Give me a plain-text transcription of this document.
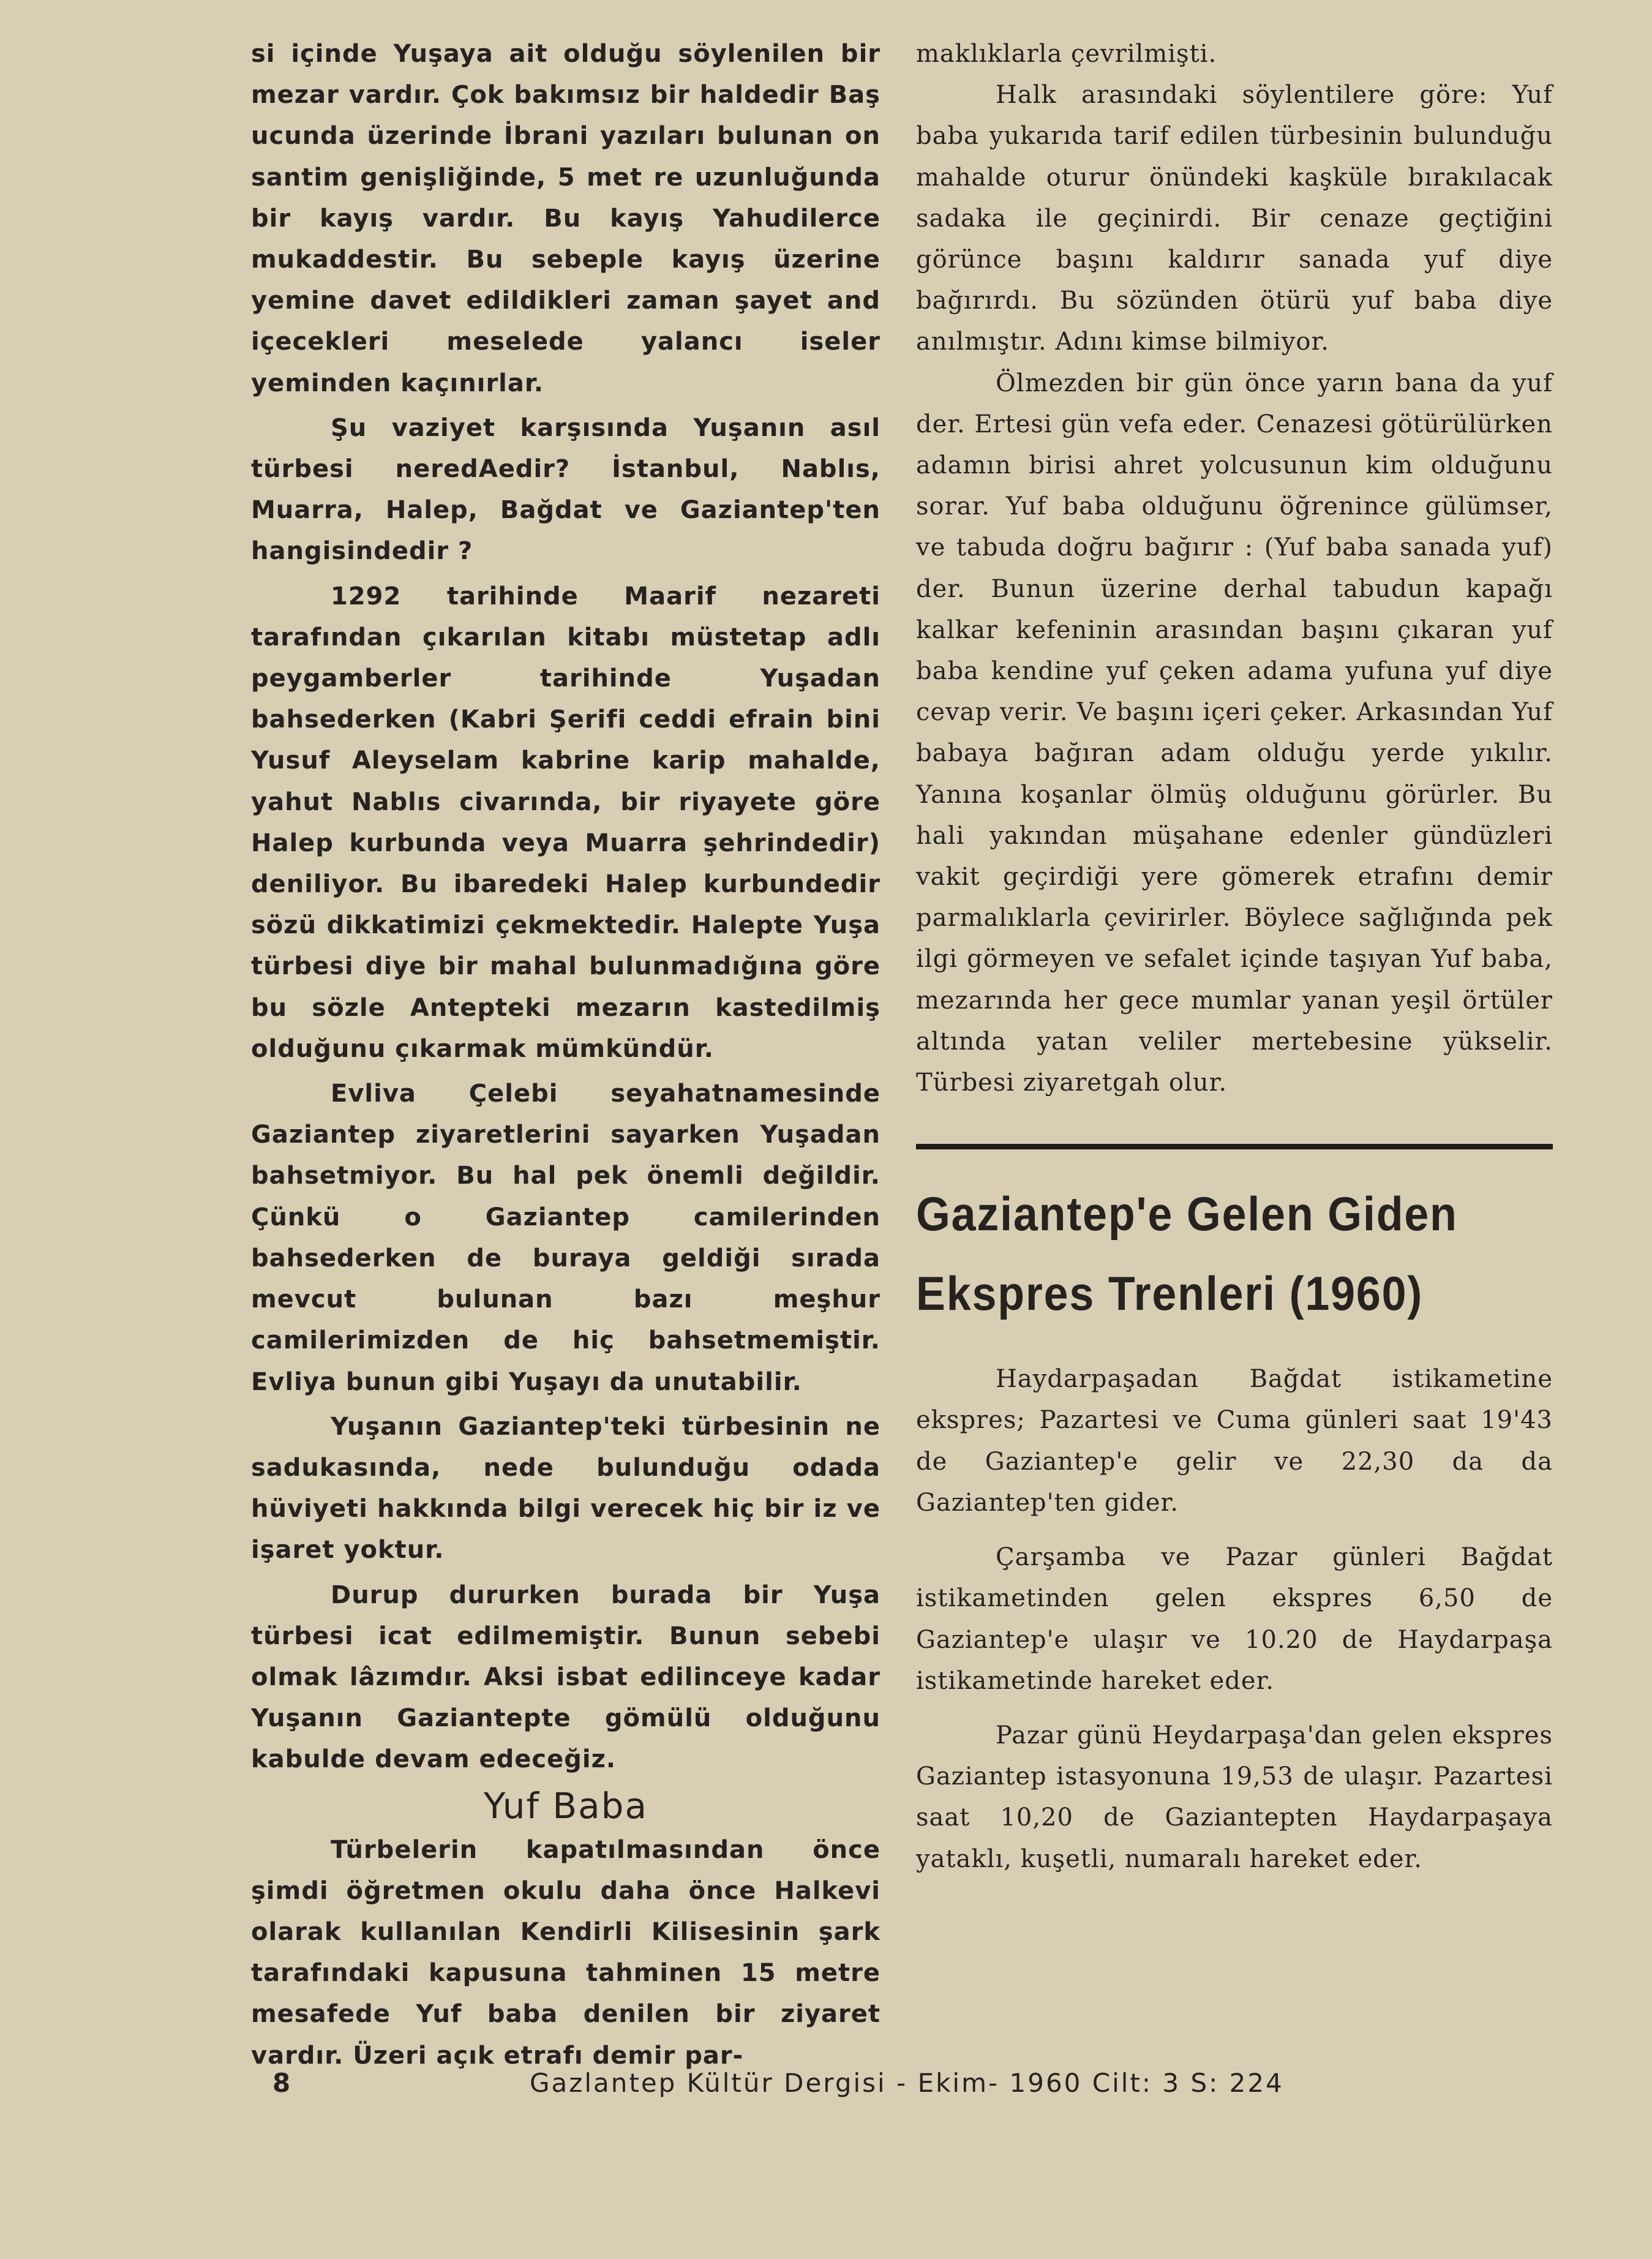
si içinde Yuşaya ait olduğu söylenilen bir mezar vardır. Çok bakımsız bir haldedir Baş ucunda üzerinde İbrani yazıları bulunan on santim genişliğinde, 5 met re uzunluğunda bir kayış vardır. Bu kayış Yahudilerce mukaddestir. Bu sebeple kayış üzerine yemine davet edildikleri zaman şayet and içecekleri meselede yalancı iseler yeminden kaçınırlar.

Şu vaziyet karşısında Yuşanın asıl türbesi neredAedir? İstanbul, Nablıs, Muarra, Halep, Bağdat ve Gaziantep'ten hangisindedir ?

1292 tarihinde Maarif nezareti tarafından çıkarılan kitabı müstetap adlı peygamberler tarihinde Yuşadan bahsederken (Kabri Şerifi ceddi efrain bini Yusuf Aleyselam kabrine karip mahalde, yahut Nablıs civarında, bir riyayete göre Halep kurbunda veya Muarra şehrindedir) deniliyor. Bu ibaredeki Halep kurbundedir sözü dikkatimizi çekmektedir. Halepte Yuşa türbesi diye bir mahal bulunmadığına göre bu sözle Antepteki mezarın kastedilmiş olduğunu çıkarmak mümkündür.

Evliva Çelebi seyahatnamesinde Gaziantep ziyaretlerini sayarken Yuşadan bahsetmiyor. Bu hal pek önemli değildir. Çünkü o Gaziantep camilerinden bahsederken de buraya geldiği sırada mevcut bulunan bazı meşhur camilerimizden de hiç bahsetmemiştir. Evliya bunun gibi Yuşayı da unutabilir.

Yuşanın Gaziantep'teki türbesinin ne sadukasında, nede bulunduğu odada hüviyeti hakkında bilgi verecek hiç bir iz ve işaret yoktur.

Durup dururken burada bir Yuşa türbesi icat edilmemiştir. Bunun sebebi olmak lâzımdır. Aksi isbat edilinceye kadar Yuşanın Gaziantepte gömülü olduğunu kabulde devam edeceğiz.

Yuf Baba

Türbelerin kapatılmasından önce şimdi öğretmen okulu daha önce Halkevi olarak kullanılan Kendirli Kilisesinin şark tarafındaki kapusuna tahminen 15 metre mesafede Yuf baba denilen bir ziyaret vardır. Üzeri açık etrafı demir par-

maklıklarla çevrilmişti.

Halk arasındaki söylentilere göre: Yuf baba yukarıda tarif edilen türbesinin bulunduğu mahalde oturur önündeki kaşküle bırakılacak sadaka ile geçinirdi. Bir cenaze geçtiğini görünce başını kaldırır sanada yuf diye bağırırdı. Bu sözünden ötürü yuf baba diye anılmıştır. Adını kimse bilmiyor.

Ölmezden bir gün önce yarın bana da yuf der. Ertesi gün vefa eder. Cenazesi götürülürken adamın birisi ahret yolcusunun kim olduğunu sorar. Yuf baba olduğunu öğrenince gülümser, ve tabuda doğru bağırır : (Yuf baba sanada yuf) der. Bunun üzerine derhal tabudun kapağı kalkar kefeninin arasından başını çıkaran yuf baba kendine yuf çeken adama yufuna yuf diye cevap verir. Ve başını içeri çeker. Arkasından Yuf babaya bağıran adam olduğu yerde yıkılır. Yanına koşanlar ölmüş olduğunu görürler. Bu hali yakından müşahane edenler gündüzleri vakit geçirdiği yere gömerek etrafını demir parmalıklarla çevirirler. Böylece sağlığında pek ilgi görmeyen ve sefalet içinde taşıyan Yuf baba, mezarında her gece mumlar yanan yeşil örtüler altında yatan veliler mertebesine yükselir. Türbesi ziyaretgah olur.

Gaziantep'e Gelen Giden
Ekspres Trenleri (1960)

Haydarpaşadan Bağdat istikametine ekspres; Pazartesi ve Cuma günleri saat 19'43 de Gaziantep'e gelir ve 22,30 da da Gaziantep'ten gider.

Çarşamba ve Pazar günleri Bağdat istikametinden gelen ekspres 6,50 de Gaziantep'e ulaşır ve 10.20 de Haydarpaşa istikametinde hareket eder.

Pazar günü Heydarpaşa'dan gelen ekspres Gaziantep istasyonuna 19,53 de ulaşır. Pazartesi saat 10,20 de Gaziantepten Haydarpaşaya yataklı, kuşetli, numaralı hareket eder.

8	Gazlantep Kültür Dergisi - Ekim- 1960 Cilt: 3 S: 224
